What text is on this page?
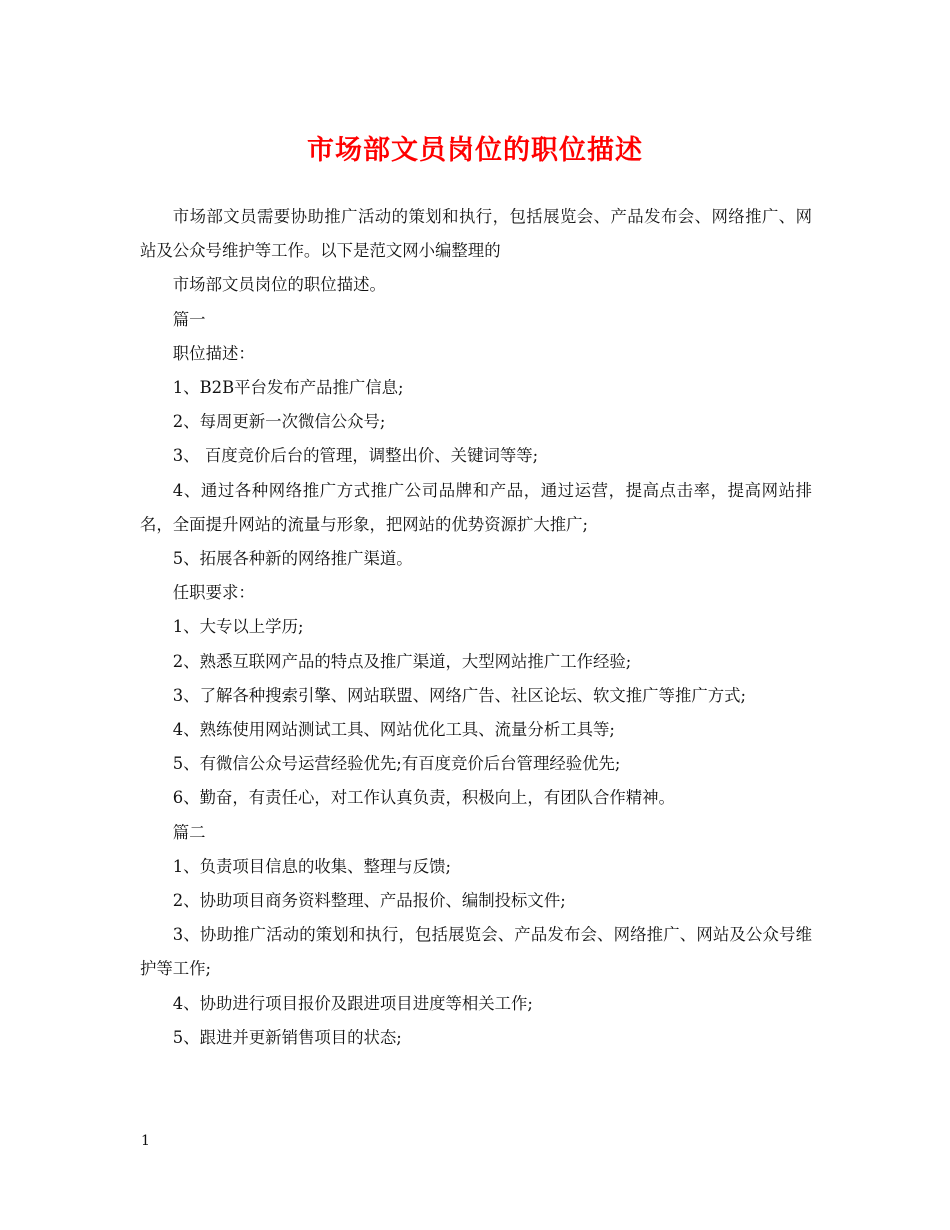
市场部文员岗位的职位描述

市场部文员需要协助推广活动的策划和执行，包括展览会、产品发布会、网络推广、网站及公众号维护等工作。以下是范文网小编整理的

市场部文员岗位的职位描述。

篇一

职位描述：

1、B2B平台发布产品推广信息;

2、每周更新一次微信公众号;

3、 百度竞价后台的管理，调整出价、关键词等等;

4、通过各种网络推广方式推广公司品牌和产品，通过运营，提高点击率，提高网站排名，全面提升网站的流量与形象，把网站的优势资源扩大推广;

5、拓展各种新的网络推广渠道。

任职要求：

1、大专以上学历;

2、熟悉互联网产品的特点及推广渠道，大型网站推广工作经验;

3、了解各种搜索引擎、网站联盟、网络广告、社区论坛、软文推广等推广方式;

4、熟练使用网站测试工具、网站优化工具、流量分析工具等;

5、有微信公众号运营经验优先;有百度竞价后台管理经验优先;

6、勤奋，有责任心，对工作认真负责，积极向上，有团队合作精神。

篇二

1、负责项目信息的收集、整理与反馈;

2、协助项目商务资料整理、产品报价、编制投标文件;

3、协助推广活动的策划和执行，包括展览会、产品发布会、网络推广、网站及公众号维护等工作;

4、协助进行项目报价及跟进项目进度等相关工作;

5、跟进并更新销售项目的状态;

1
